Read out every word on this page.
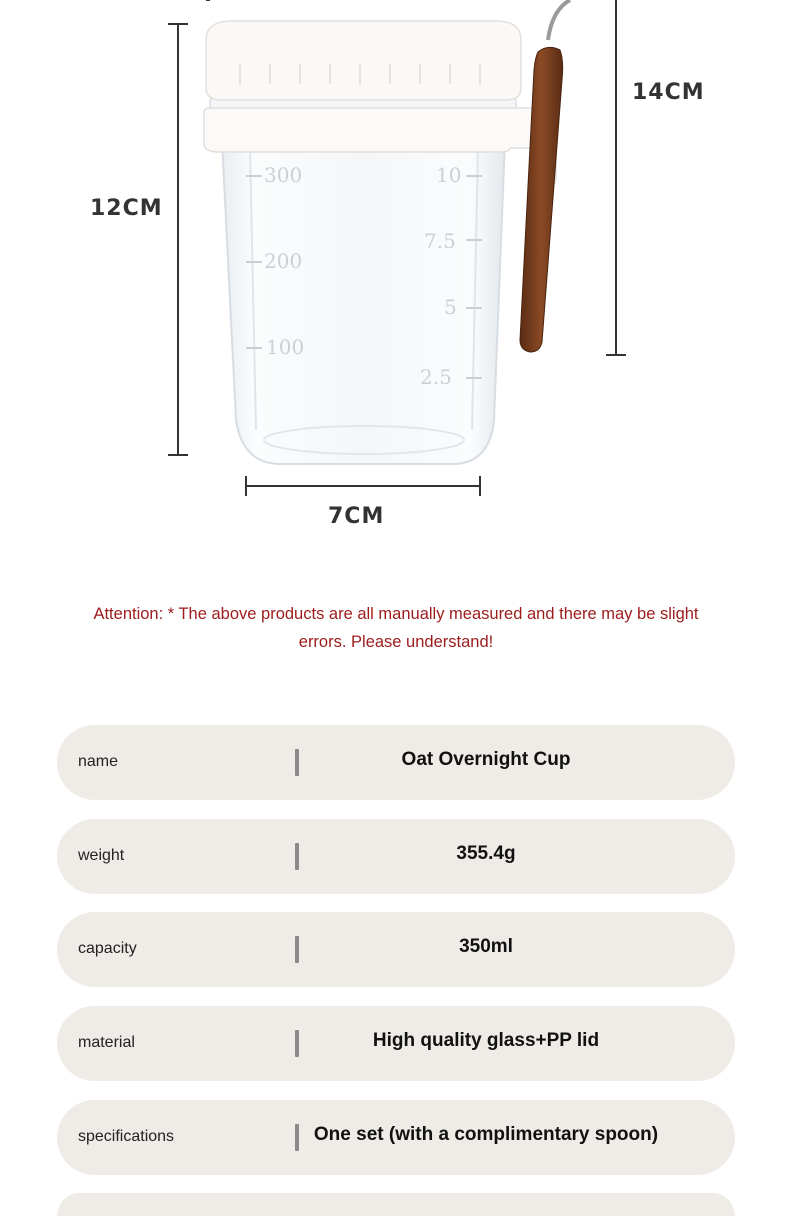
300
200
100
10
7.5
5
2.5
12CM
14CM
7CM
Attention: * The above products are all manually measured and there may be slight errors. Please understand!
name	Oat Overnight Cup
weight	355.4g
capacity	350ml
material	High quality glass+PP lid
specifications	One set (with a complimentary spoon)
